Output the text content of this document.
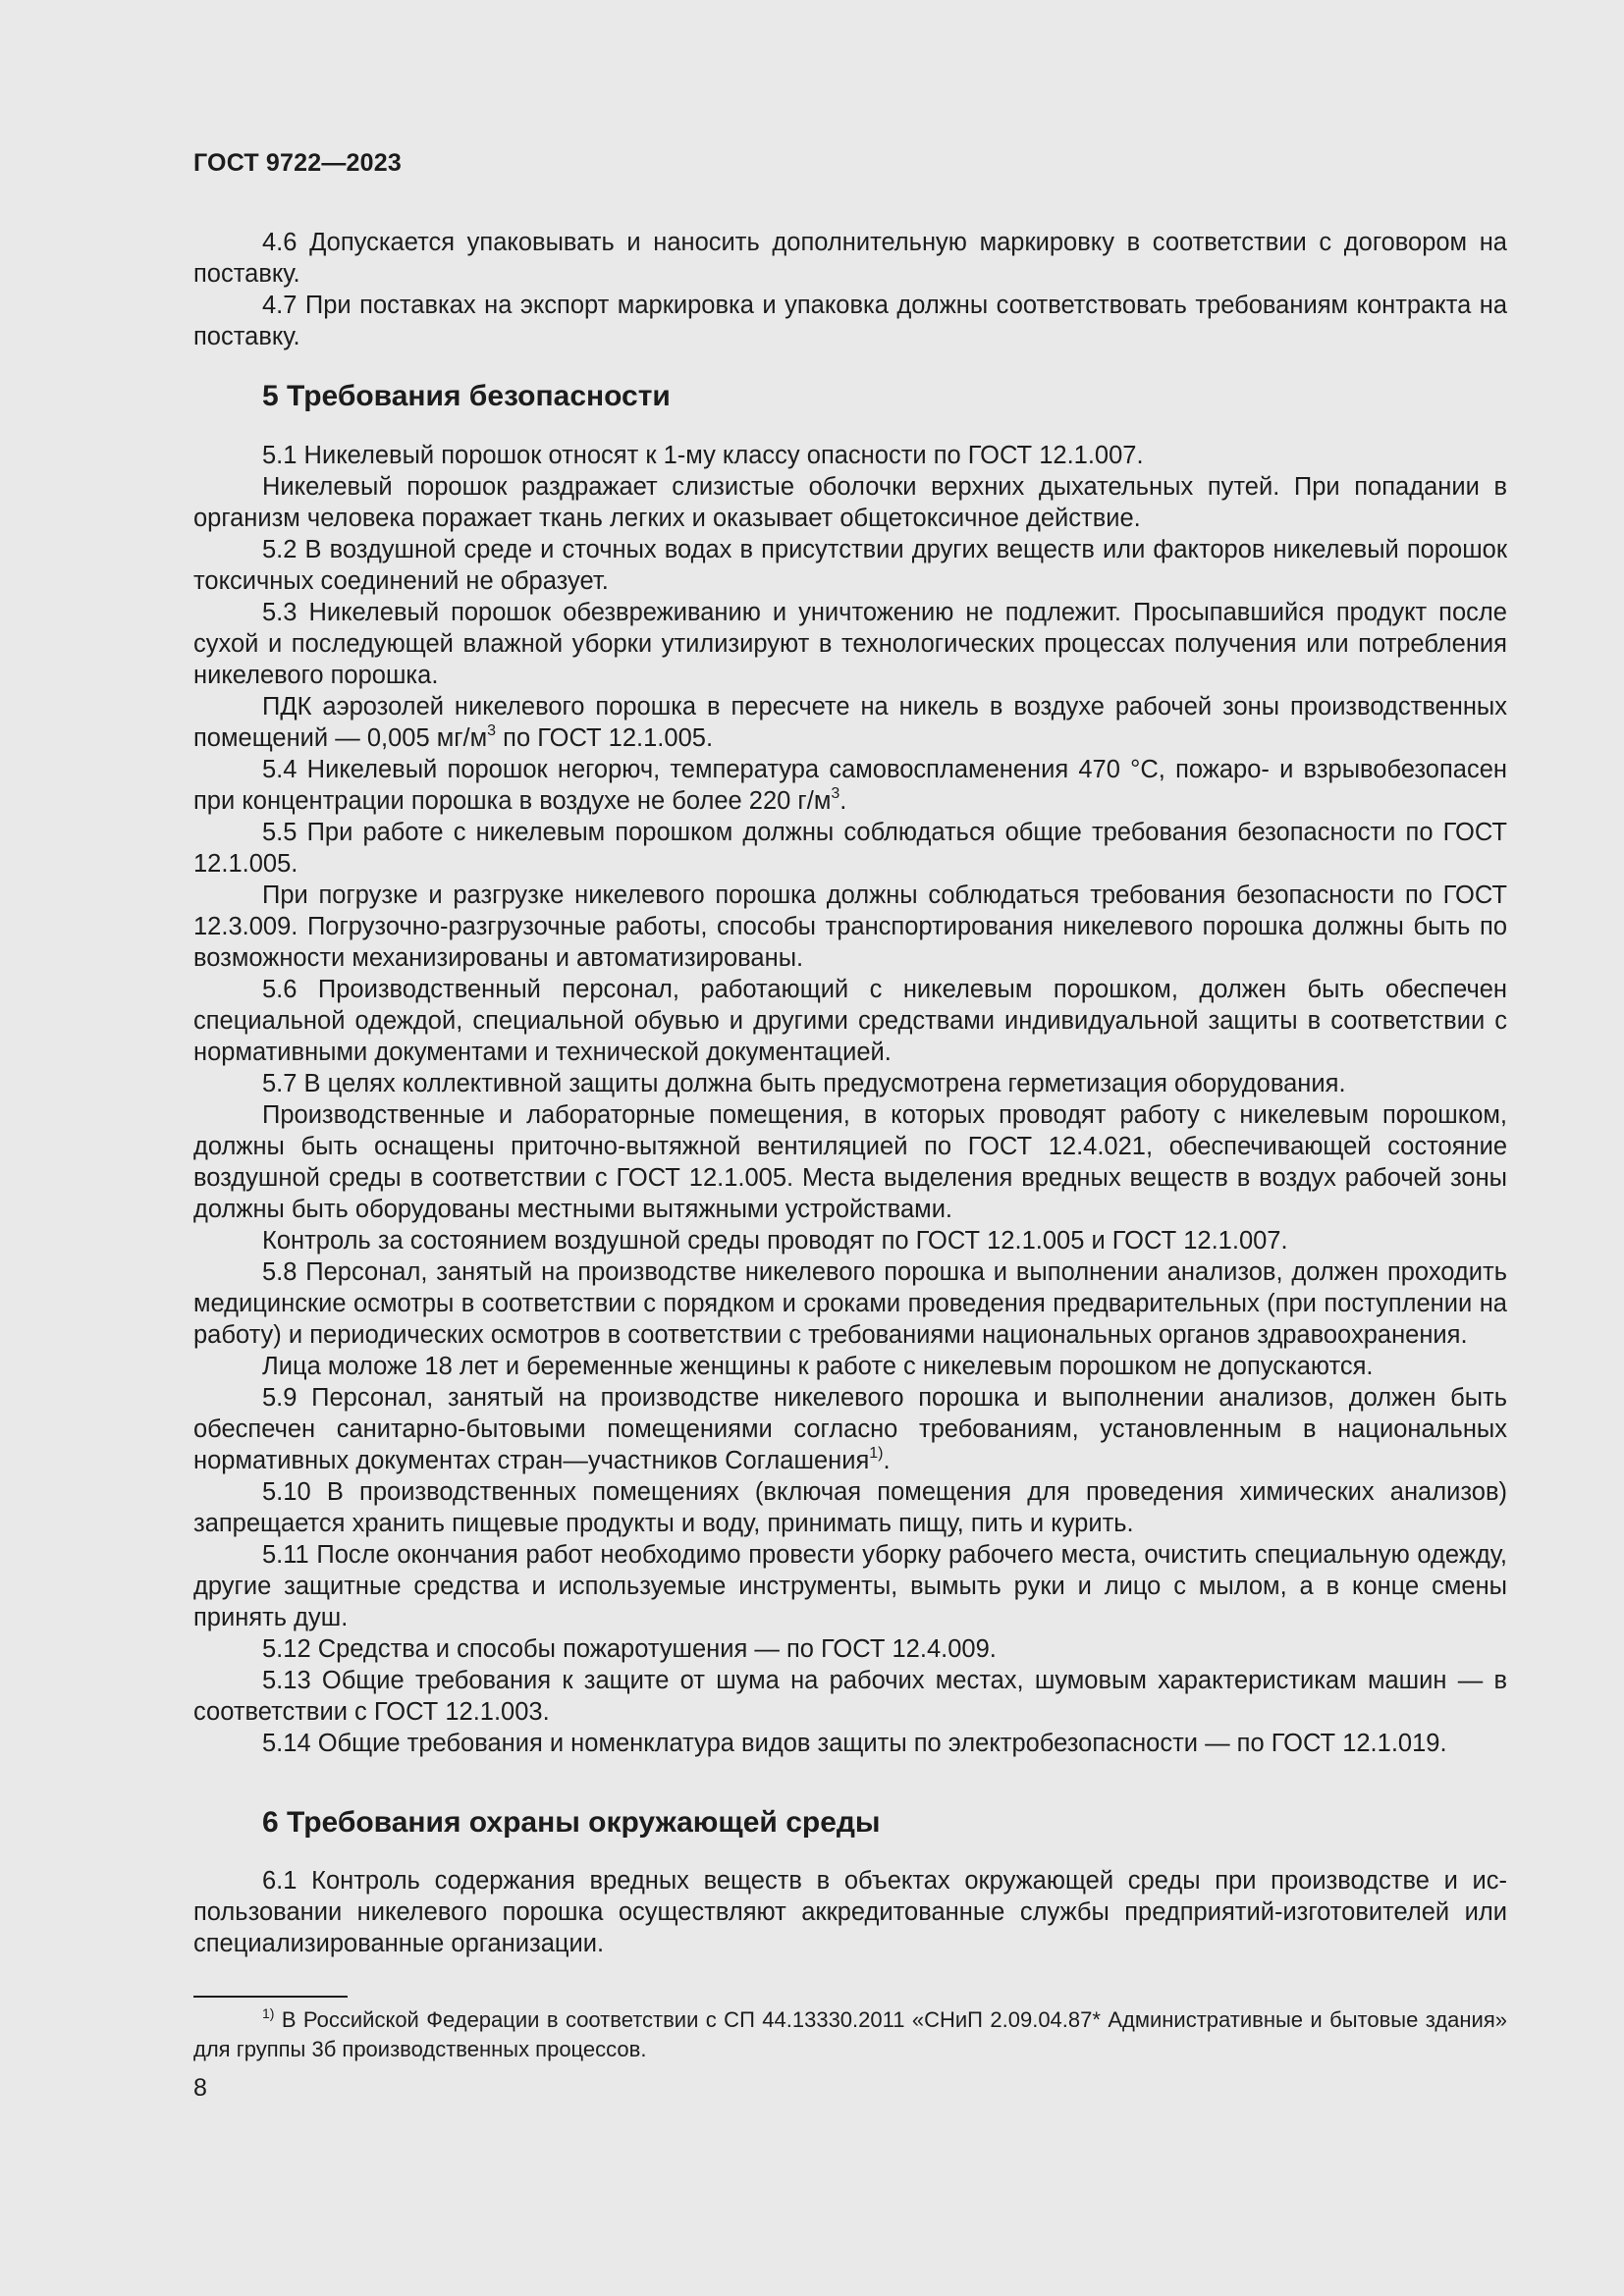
ГОСТ 9722—2023

4.6 Допускается упаковывать и наносить дополнительную маркировку в соответствии с договором на поставку.

4.7 При поставках на экспорт маркировка и упаковка должны соответствовать требованиям контракта на поставку.

5 Требования безопасности

5.1 Никелевый порошок относят к 1-му классу опасности по ГОСТ 12.1.007.

Никелевый порошок раздражает слизистые оболочки верхних дыхательных путей. При попадании в организм человека поражает ткань легких и оказывает общетоксичное действие.

5.2 В воздушной среде и сточных водах в присутствии других веществ или факторов никелевый порошок токсичных соединений не образует.

5.3 Никелевый порошок обезвреживанию и уничтожению не подлежит. Просыпавшийся продукт после сухой и последующей влажной уборки утилизируют в технологических процессах получения или потребления никелевого порошка.

ПДК аэрозолей никелевого порошка в пересчете на никель в воздухе рабочей зоны производственных помещений — 0,005 $мг/м^3$ по ГОСТ 12.1.005.

5.4 Никелевый порошок негорюч, температура самовоспламенения 470 °С, пожаро- и взрывобезопасен при концентрации порошка в воздухе не более 220 $г/м^3$.

5.5 При работе с никелевым порошком должны соблюдаться общие требования безопасности по ГОСТ 12.1.005.

При погрузке и разгрузке никелевого порошка должны соблюдаться требования безопасности по ГОСТ 12.3.009. Погрузочно-разгрузочные работы, способы транспортирования никелевого порошка должны быть по возможности механизированы и автоматизированы.

5.6 Производственный персонал, работающий с никелевым порошком, должен быть обеспечен специальной одеждой, специальной обувью и другими средствами индивидуальной защиты в соответствии с нормативными документами и технической документацией.

5.7 В целях коллективной защиты должна быть предусмотрена герметизация оборудования.

Производственные и лабораторные помещения, в которых проводят работу с никелевым порошком, должны быть оснащены приточно-вытяжной вентиляцией по ГОСТ 12.4.021, обеспечивающей состояние воздушной среды в соответствии с ГОСТ 12.1.005. Места выделения вредных веществ в воздух рабочей зоны должны быть оборудованы местными вытяжными устройствами.

Контроль за состоянием воздушной среды проводят по ГОСТ 12.1.005 и ГОСТ 12.1.007.

5.8 Персонал, занятый на производстве никелевого порошка и выполнении анализов, должен проходить медицинские осмотры в соответствии с порядком и сроками проведения предварительных (при поступлении на работу) и периодических осмотров в соответствии с требованиями национальных органов здравоохранения.

Лица моложе 18 лет и беременные женщины к работе с никелевым порошком не допускаются.

5.9 Персонал, занятый на производстве никелевого порошка и выполнении анализов, должен быть обеспечен санитарно-бытовыми помещениями согласно требованиям, установленным в национальных нормативных документах стран—участников Соглашения$^{1)}$.

5.10 В производственных помещениях (включая помещения для проведения химических анализов) запрещается хранить пищевые продукты и воду, принимать пищу, пить и курить.

5.11 После окончания работ необходимо провести уборку рабочего места, очистить специальную одежду, другие защитные средства и используемые инструменты, вымыть руки и лицо с мылом, а в конце смены принять душ.

5.12 Средства и способы пожаротушения — по ГОСТ 12.4.009.

5.13 Общие требования к защите от шума на рабочих местах, шумовым характеристикам машин — в соответствии с ГОСТ 12.1.003.

5.14 Общие требования и номенклатура видов защиты по электробезопасности — по ГОСТ 12.1.019.

6 Требования охраны окружающей среды

6.1 Контроль содержания вредных веществ в объектах окружающей среды при производстве и использовании никелевого порошка осуществляют аккредитованные службы предприятий-изготовителей или специализированные организации.

$^{1)}$ В Российской Федерации в соответствии с СП 44.13330.2011 «СНиП 2.09.04.87* Административные и бытовые здания» для группы 3б производственных процессов.

8
